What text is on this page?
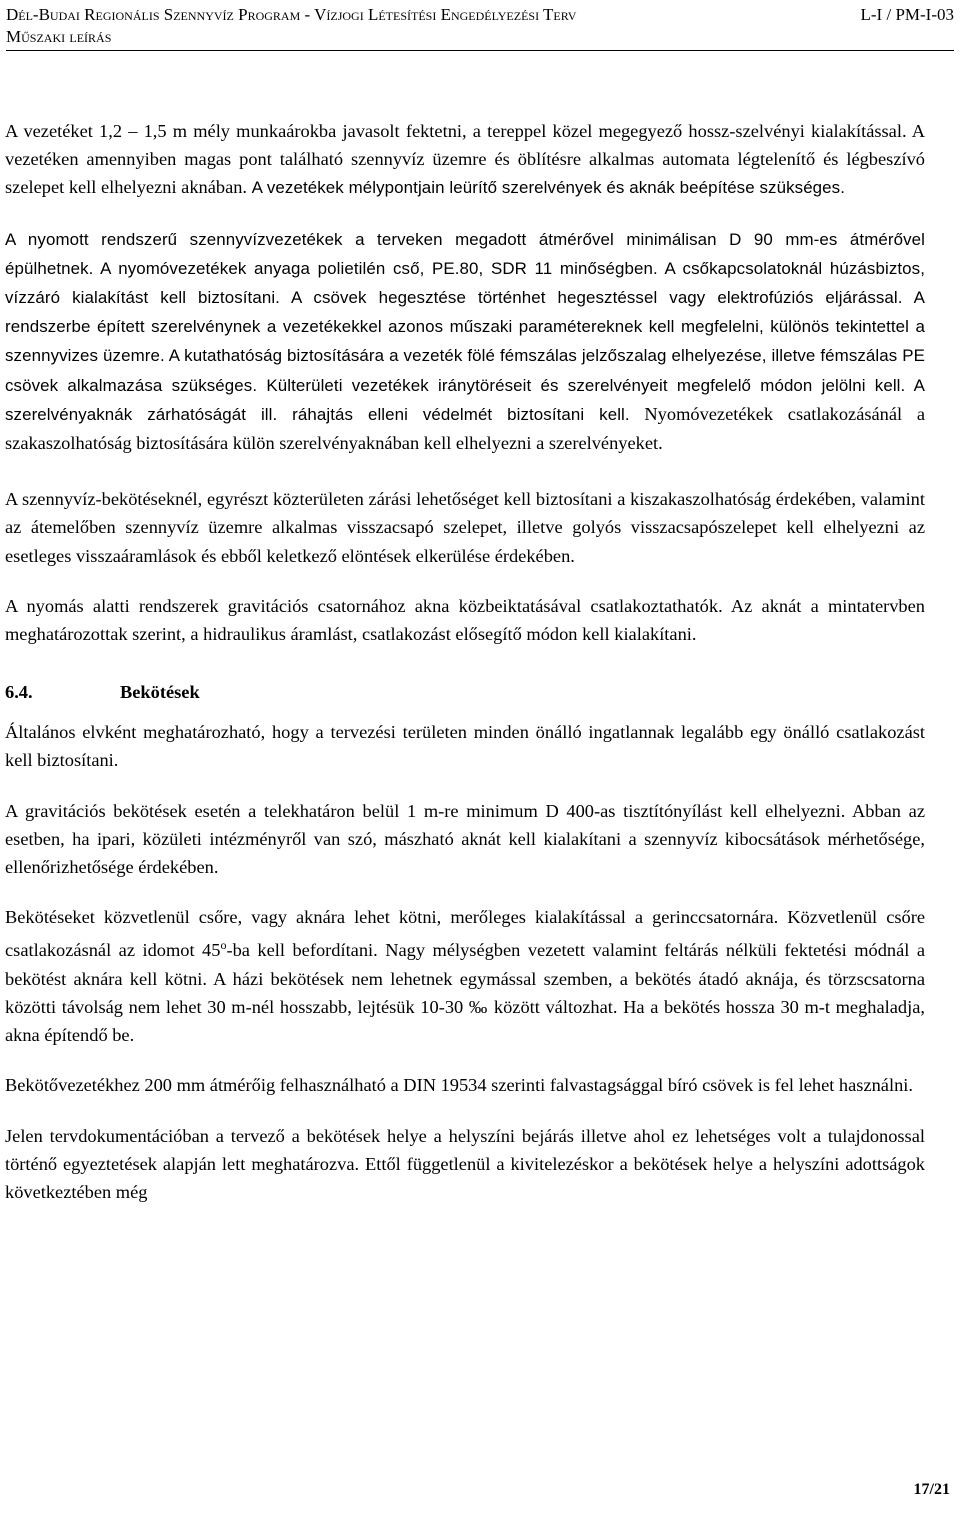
Dél-Budai Regionális Szennyvíz Program - Vízjogi Létesítési Engedélyezési Terv	L-I / PM-I-03
Műszaki leírás

A vezetéket 1,2 – 1,5 m mély munkaárokba javasolt fektetni, a tereppel közel megegyező hossz-szelvényi kialakítással. A vezetéken amennyiben magas pont található szennyvíz üzemre és öblítésre alkalmas automata légtelenítő és légbeszívó szelepet kell elhelyezni aknában. A vezetékek mélypontjain leürítő szerelvények és aknák beépítése szükséges.

A nyomott rendszerű szennyvízvezetékek a terveken megadott átmérővel minimálisan D 90 mm-es átmérővel épülhetnek. A nyomóvezetékek anyaga polietilén cső, PE.80, SDR 11 minőségben. A csőkapcsolatoknál húzásbiztos, vízzáró kialakítást kell biztosítani. A csövek hegesztése történhet hegesztéssel vagy elektrofúziós eljárással. A rendszerbe épített szerelvénynek a vezetékekkel azonos műszaki paramétereknek kell megfelelni, különös tekintettel a szennyvizes üzemre. A kutathatóság biztosítására a vezeték fölé fémszálas jelzőszalag elhelyezése, illetve fémszálas PE csövek alkalmazása szükséges. Külterületi vezetékek iránytöréseit és szerelvényeit megfelelő módon jelölni kell. A szerelvényaknák zárhatóságát ill. ráhajtás elleni védelmét biztosítani kell. Nyomóvezetékek csatlakozásánál a szakaszolhatóság biztosítására külön szerelvényaknában kell elhelyezni a szerelvényeket.

A szennyvíz-bekötéseknél, egyrészt közterületen zárási lehetőséget kell biztosítani a kiszakaszolhatóság érdekében, valamint az átemelőben szennyvíz üzemre alkalmas visszacsapó szelepet, illetve golyós visszacsapószelepet kell elhelyezni az esetleges visszaáramlások és ebből keletkező elöntések elkerülése érdekében.

A nyomás alatti rendszerek gravitációs csatornához akna közbeiktatásával csatlakoztathatók. Az aknát a mintatervben meghatározottak szerint, a hidraulikus áramlást, csatlakozást elősegítő módon kell kialakítani.

6.4.	Bekötések

Általános elvként meghatározható, hogy a tervezési területen minden önálló ingatlannak legalább egy önálló csatlakozást kell biztosítani.

A gravitációs bekötések esetén a telekhatáron belül 1 m-re minimum D 400-as tisztítónyílást kell elhelyezni. Abban az esetben, ha ipari, közületi intézményről van szó, mászható aknát kell kialakítani a szennyvíz kibocsátások mérhetősége, ellenőrizhetősége érdekében.

Bekötéseket közvetlenül csőre, vagy aknára lehet kötni, merőleges kialakítással a gerinccsatornára. Közvetlenül csőre csatlakozásnál az idomot 45$^o$-ba kell befordítani. Nagy mélységben vezetett valamint feltárás nélküli fektetési módnál a bekötést aknára kell kötni. A házi bekötések nem lehetnek egymással szemben, a bekötés átadó aknája, és törzscsatorna közötti távolság nem lehet 30 m-nél hosszabb, lejtésük 10-30 ‰ között változhat. Ha a bekötés hossza 30 m-t meghaladja, akna építendő be.

Bekötővezetékhez 200 mm átmérőig felhasználható a DIN 19534 szerinti falvastagsággal bíró csövek is fel lehet használni.

Jelen tervdokumentációban a tervező a bekötések helye a helyszíni bejárás illetve ahol ez lehetséges volt a tulajdonossal történő egyeztetések alapján lett meghatározva. Ettől függetlenül a kivitelezéskor a bekötések helye a helyszíni adottságok következtében még

17/21
